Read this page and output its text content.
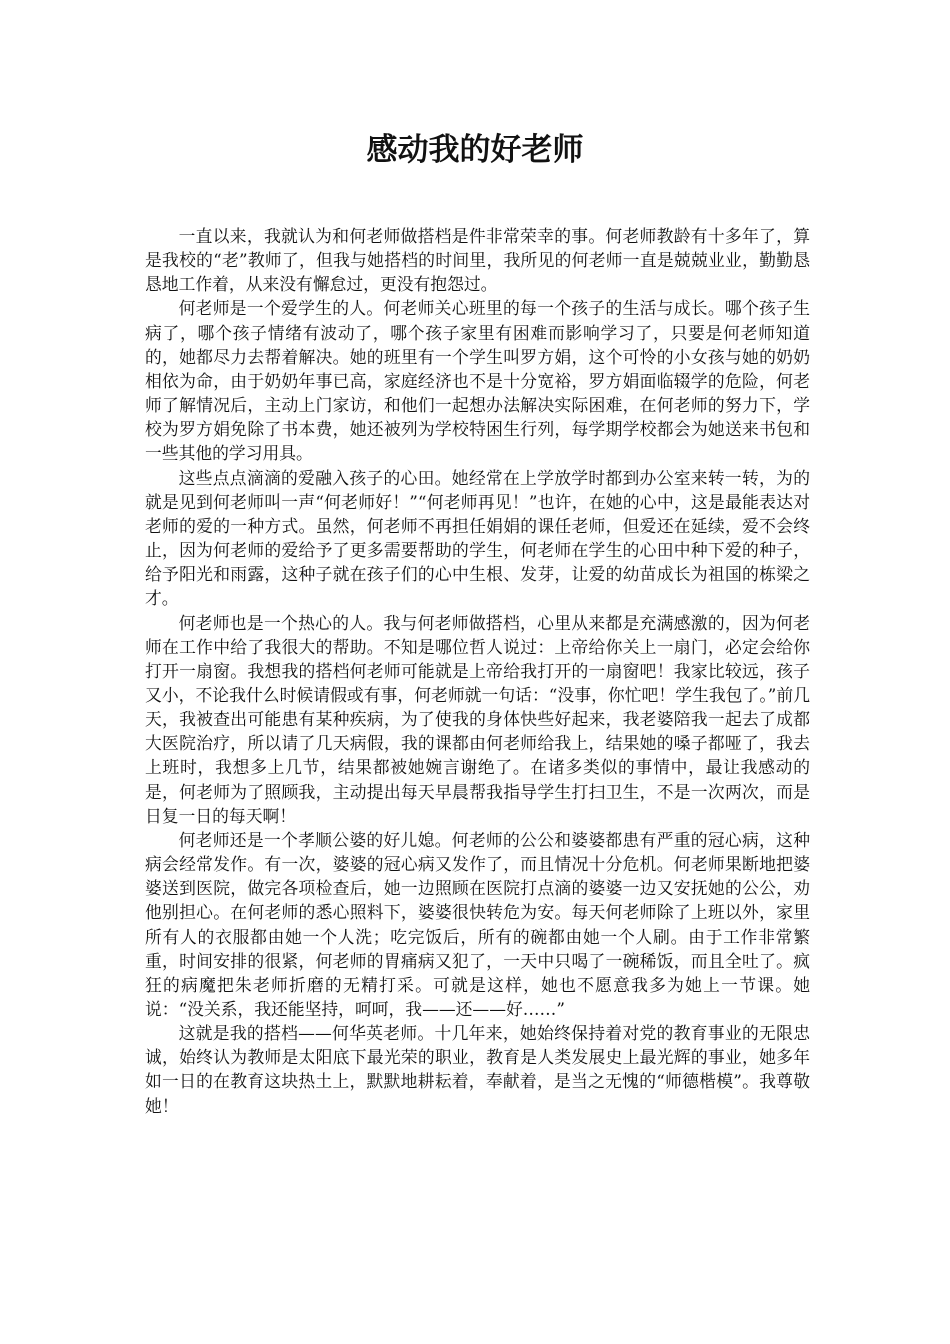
感动我的好老师

一直以来，我就认为和何老师做搭档是件非常荣幸的事。何老师教龄有十多年了，算是我校的“老”教师了，但我与她搭档的时间里，我所见的何老师一直是兢兢业业，勤勤恳恳地工作着，从来没有懈怠过，更没有抱怨过。

何老师是一个爱学生的人。何老师关心班里的每一个孩子的生活与成长。哪个孩子生病了，哪个孩子情绪有波动了，哪个孩子家里有困难而影响学习了，只要是何老师知道的，她都尽力去帮着解决。她的班里有一个学生叫罗方娟，这个可怜的小女孩与她的奶奶相依为命，由于奶奶年事已高，家庭经济也不是十分宽裕，罗方娟面临辍学的危险，何老师了解情况后，主动上门家访，和他们一起想办法解决实际困难，在何老师的努力下，学校为罗方娟免除了书本费，她还被列为学校特困生行列，每学期学校都会为她送来书包和一些其他的学习用具。

这些点点滴滴的爱融入孩子的心田。她经常在上学放学时都到办公室来转一转，为的就是见到何老师叫一声“何老师好！”“何老师再见！”也许，在她的心中，这是最能表达对老师的爱的一种方式。虽然，何老师不再担任娟娟的课任老师，但爱还在延续，爱不会终止，因为何老师的爱给予了更多需要帮助的学生，何老师在学生的心田中种下爱的种子，给予阳光和雨露，这种子就在孩子们的心中生根、发芽，让爱的幼苗成长为祖国的栋梁之才。

何老师也是一个热心的人。我与何老师做搭档，心里从来都是充满感激的，因为何老师在工作中给了我很大的帮助。不知是哪位哲人说过：上帝给你关上一扇门，必定会给你打开一扇窗。我想我的搭档何老师可能就是上帝给我打开的一扇窗吧！我家比较远，孩子又小，不论我什么时候请假或有事，何老师就一句话：“没事，你忙吧！学生我包了。”前几天，我被查出可能患有某种疾病，为了使我的身体快些好起来，我老婆陪我一起去了成都大医院治疗，所以请了几天病假，我的课都由何老师给我上，结果她的嗓子都哑了，我去上班时，我想多上几节，结果都被她婉言谢绝了。在诸多类似的事情中，最让我感动的是，何老师为了照顾我，主动提出每天早晨帮我指导学生打扫卫生，不是一次两次，而是日复一日的每天啊！

何老师还是一个孝顺公婆的好儿媳。何老师的公公和婆婆都患有严重的冠心病，这种病会经常发作。有一次，婆婆的冠心病又发作了，而且情况十分危机。何老师果断地把婆婆送到医院，做完各项检查后，她一边照顾在医院打点滴的婆婆一边又安抚她的公公，劝他别担心。在何老师的悉心照料下，婆婆很快转危为安。每天何老师除了上班以外，家里所有人的衣服都由她一个人洗；吃完饭后，所有的碗都由她一个人刷。由于工作非常繁重，时间安排的很紧，何老师的胃痛病又犯了，一天中只喝了一碗稀饭，而且全吐了。疯狂的病魔把朱老师折磨的无精打采。可就是这样，她也不愿意我多为她上一节课。她说：“没关系，我还能坚持，呵呵，我——还——好……”

这就是我的搭档——何华英老师。十几年来，她始终保持着对党的教育事业的无限忠诚，始终认为教师是太阳底下最光荣的职业，教育是人类发展史上最光辉的事业，她多年如一日的在教育这块热土上，默默地耕耘着，奉献着，是当之无愧的“师德楷模”。我尊敬她！
